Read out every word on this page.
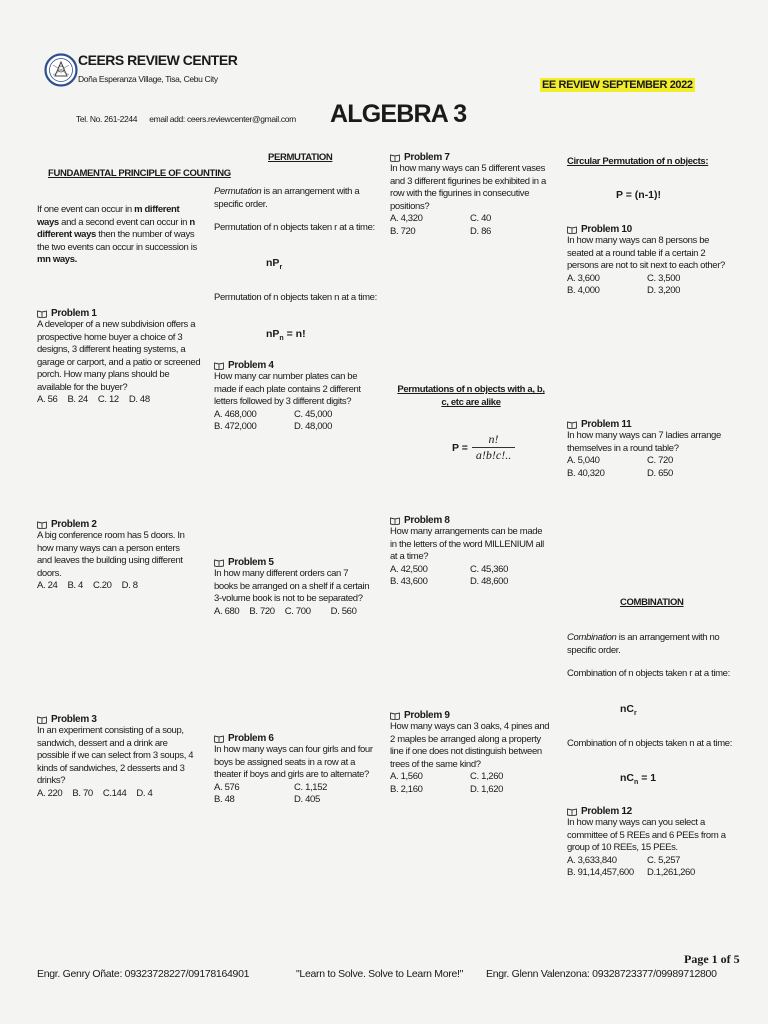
CEERS REVIEW CENTER
Doña Esperanza Village, Tisa, Cebu City
Tel. No. 261-2244      email add: ceers.reviewcenter@gmail.com
EE REVIEW SEPTEMBER 2022
ALGEBRA 3
FUNDAMENTAL PRINCIPLE OF COUNTING
If one event can occur in m different ways and a second event can occur in n different ways then the number of ways the two events can occur in succession is mn ways.
Problem 1
A developer of a new subdivision offers a prospective home buyer a choice of 3 designs, 3 different heating systems, a garage or carport, and a patio or screened porch. How many plans should be available for the buyer?
A. 56 B. 24 C. 12 D. 48
Problem 2
A big conference room has 5 doors. In how many ways can a person enters and leaves the building using different doors.
A. 24 B. 4 C.20 D. 8
Problem 3
In an experiment consisting of a soup, sandwich, dessert and a drink are possible if we can select from 3 soups, 4 kinds of sandwiches, 2 desserts and 3 drinks?
A. 220 B. 70 C.144 D. 4
PERMUTATION
Permutation is an arrangement with a specific order.
Permutation of n objects taken r at a time:
$nP_r$
Permutation of n objects taken n at a time:
$nP_n = n$!
Problem 4
How many car number plates can be made if each plate contains 2 different letters followed by 3 different digits?
A. 468,000	C. 45,000
B. 472,000	D. 48,000
Problem 5
In how many different orders can 7 books be arranged on a shelf if a certain 3-volume book is not to be separated?
A. 680 B. 720 C. 700 D. 560
Problem 6
In how many ways can four girls and four boys be assigned seats in a row at a theater if boys and girls are to alternate?
A. 576	C. 1,152
B. 48	D. 405
Problem 7
In how many ways can 5 different vases and 3 different figurines be exhibited in a row with the figurines in consecutive positions?
A. 4,320	C. 40
B. 720	D. 86
Permutations of n objects with a, b, c, etc are alike
$P = \frac{n!}{a!b!c!..}$
Problem 8
How many arrangements can be made in the letters of the word MILLENIUM all at a time?
A. 42,500	C. 45,360
B. 43,600	D. 48,600
Problem 9
How many ways can 3 oaks, 4 pines and 2 maples be arranged along a property line if one does not distinguish between trees of the same kind?
A. 1,560	C. 1,260
B. 2,160	D. 1,620
Circular Permutation of n objects:
P = (n-1)!
Problem 10
In how many ways can 8 persons be seated at a round table if a certain 2 persons are not to sit next to each other?
A. 3,600	C. 3,500
B. 4,000	D. 3,200
Problem 11
In how many ways can 7 ladies arrange themselves in a round table?
A. 5,040	C. 720
B. 40,320	D. 650
COMBINATION
Combination is an arrangement with no specific order.
Combination of n objects taken r at a time:
$nC_r$
Combination of n objects taken n at a time:
$nC_n = 1$
Problem 12
In how many ways can you select a committee of 5 REEs and 6 PEEs from a group of 10 REEs, 15 PEEs.
A. 3,633,840	C. 5,257
B. 91,14,457,600	D.1,261,260
Page 1 of 5
Engr. Genry Oñate: 09323728227/09178164901	"Learn to Solve. Solve to Learn More!" Engr. Glenn Valenzona: 09328723377/09989712800
